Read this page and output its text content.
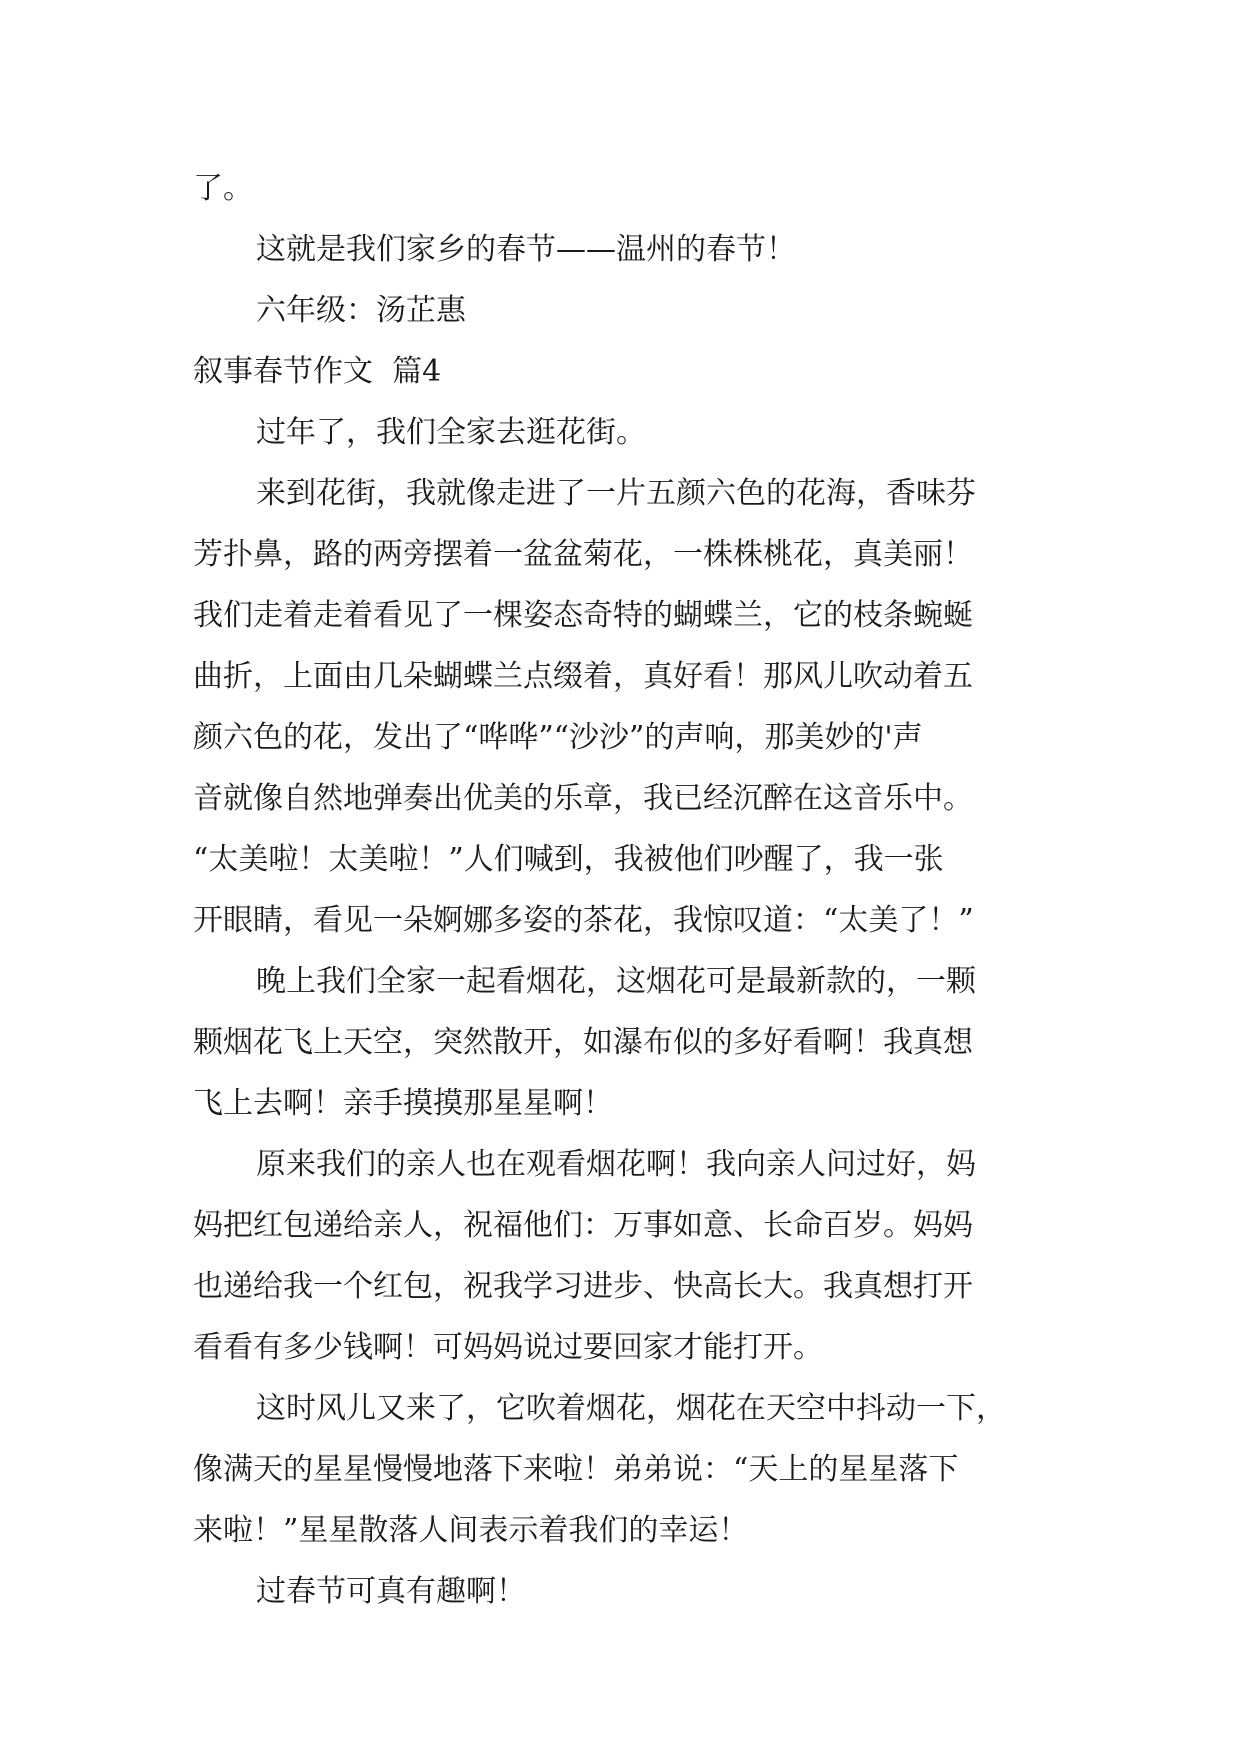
了。
这就是我们家乡的春节——温州的春节！
六年级：汤芷惠
叙事春节作文  篇4
过年了，我们全家去逛花街。
来到花街，我就像走进了一片五颜六色的花海，香味芬
芳扑鼻，路的两旁摆着一盆盆菊花，一株株桃花，真美丽！
我们走着走着看见了一棵姿态奇特的蝴蝶兰，它的枝条蜿蜒
曲折，上面由几朵蝴蝶兰点缀着，真好看！那风儿吹动着五
颜六色的花，发出了“哗哗”“沙沙”的声响，那美妙的'声
音就像自然地弹奏出优美的乐章，我已经沉醉在这音乐中。
“太美啦！太美啦！”人们喊到，我被他们吵醒了，我一张
开眼睛，看见一朵婀娜多姿的茶花，我惊叹道：“太美了！”
晚上我们全家一起看烟花，这烟花可是最新款的，一颗
颗烟花飞上天空，突然散开，如瀑布似的多好看啊！我真想
飞上去啊！亲手摸摸那星星啊！
原来我们的亲人也在观看烟花啊！我向亲人问过好，妈
妈把红包递给亲人，祝福他们：万事如意、长命百岁。妈妈
也递给我一个红包，祝我学习进步、快高长大。我真想打开
看看有多少钱啊！可妈妈说过要回家才能打开。
这时风儿又来了，它吹着烟花，烟花在天空中抖动一下，
像满天的星星慢慢地落下来啦！弟弟说：“天上的星星落下
来啦！”星星散落人间表示着我们的幸运！
过春节可真有趣啊！
